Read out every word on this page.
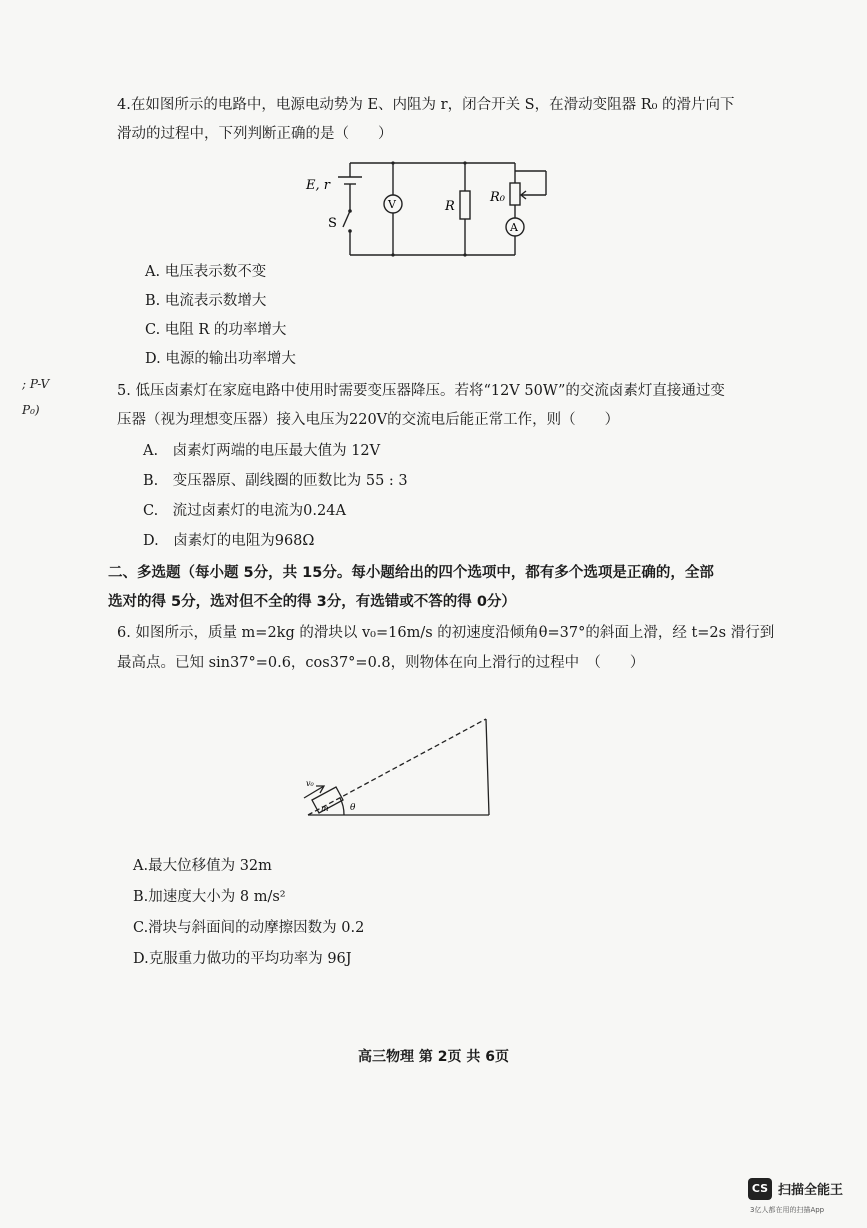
; P-V
P₀)
4.在如图所示的电路中，电源电动势为 E、内阻为 r，闭合开关 S，在滑动变阻器 R₀ 的滑片向下
滑动的过程中，下列判断正确的是（　　）
E, r
S
V	R
R₀
A
A. 电压表示数不变
B. 电流表示数增大
C. 电阻 R 的功率增大
D. 电源的输出功率增大
5. 低压卤素灯在家庭电路中使用时需要变压器降压。若将“12V 50W”的交流卤素灯直接通过变
压器（视为理想变压器）接入电压为220V的交流电后能正常工作，则（　　）
A.　卤素灯两端的电压最大值为 12V
B.　变压器原、副线圈的匝数比为 55 : 3
C.　流过卤素灯的电流为0.24A
D.　卤素灯的电阻为968Ω
二、多选题（每小题 5分，共 15分。每小题给出的四个选项中，都有多个选项是正确的，全部
选对的得 5分，选对但不全的得 3分，有选错或不答的得 0分）
6. 如图所示，质量 m=2kg 的滑块以 v₀=16m/s 的初速度沿倾角θ=37°的斜面上滑，经 t=2s 滑行到
最高点。已知 sin37°=0.6，cos37°=0.8，则物体在向上滑行的过程中　（　　）
v₀
m θ
A.最大位移值为 32m
B.加速度大小为 8 m/s²
C.滑块与斜面间的动摩擦因数为 0.2
D.克服重力做功的平均功率为 96J
高三物理 第 2页 共 6页
CS 扫描全能王
3亿人都在用的扫描App
